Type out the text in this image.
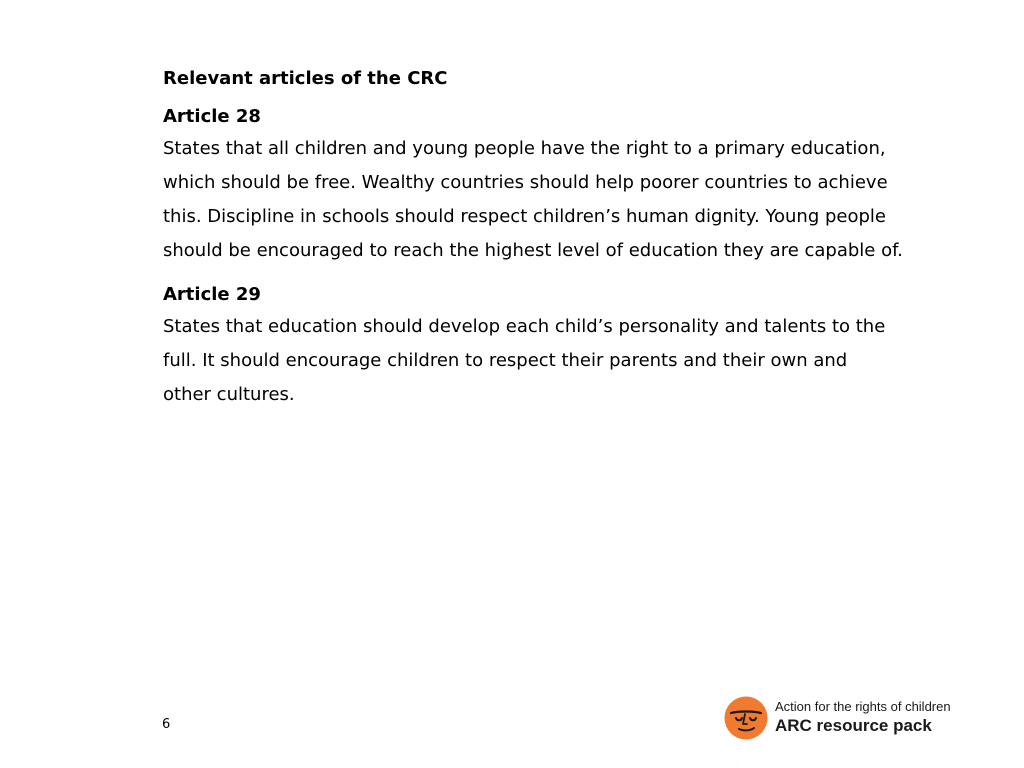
Relevant articles of the CRC

Article 28

States that all children and young people have the right to a primary education,
which should be free. Wealthy countries should help poorer countries to achieve
this. Discipline in schools should respect children’s human dignity. Young people
should be encouraged to reach the highest level of education they are capable of.

Article 29

States that education should develop each child’s personality and talents to the
full. It should encourage children to respect their parents and their own and
other cultures.

6
Action for the rights of children
ARC resource pack
